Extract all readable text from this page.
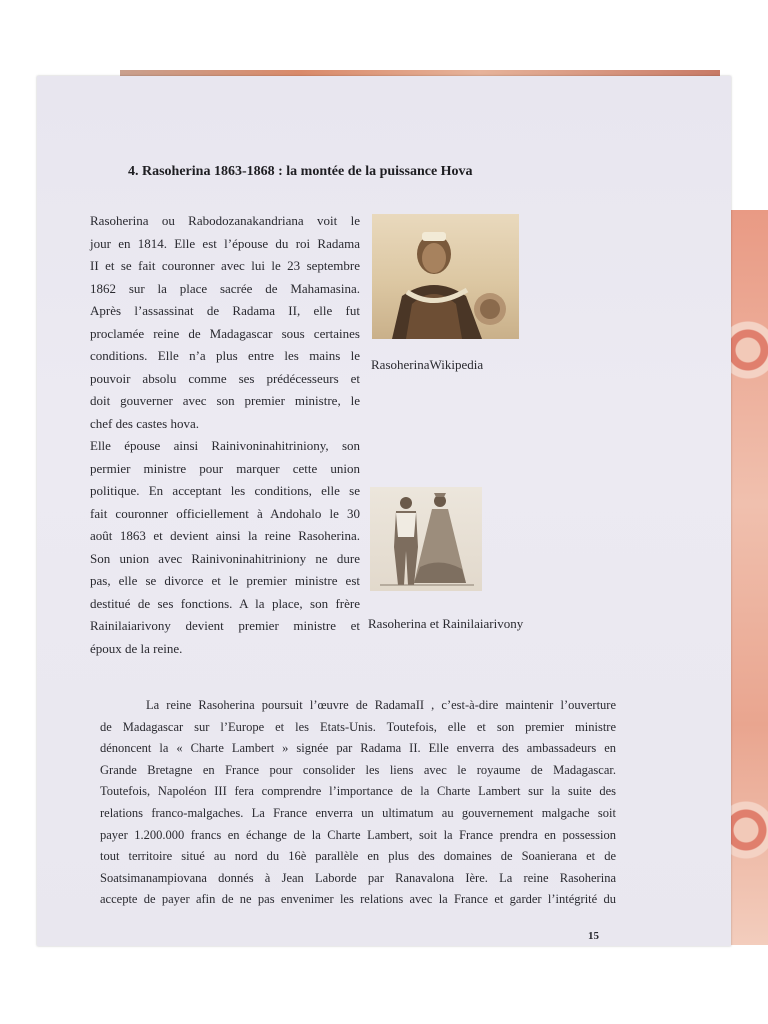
4. Rasoherina 1863-1868 : la montée de la puissance Hova
Rasoherina ou Rabodozanakandriana voit le
jour en 1814. Elle est l’épouse du roi Radama
II et se fait couronner avec lui le 23 septembre
1862 sur la place sacrée de Mahamasina.
Après l’assassinat de Radama II, elle fut
proclamée reine de Madagascar sous certaines
conditions. Elle n’a plus entre les mains le
pouvoir absolu comme ses prédécesseurs et
doit gouverner avec son premier ministre, le
chef des castes hova.
Elle épouse ainsi Rainivoninahitriniony, son
permier ministre pour marquer cette union
politique. En acceptant les conditions, elle se
fait couronner officiellement à Andohalo le 30
août 1863 et devient ainsi la reine Rasoherina.
Son union avec Rainivoninahitriniony ne dure
pas, elle se divorce et le premier ministre est
destitué de ses fonctions. A la place, son frère
Rainilaiarivony devient premier ministre et
époux de la reine.
RasoherinaWikipedia
Rasoherina et Rainilaiarivony
La reine Rasoherina poursuit l’œuvre de RadamaII , c’est-à-dire maintenir l’ouverture
de Madagascar sur l’Europe et les Etats-Unis. Toutefois, elle et son premier ministre
dénoncent la « Charte Lambert » signée par Radama II. Elle enverra des ambassadeurs en
Grande Bretagne en France pour consolider les liens avec le royaume de Madagascar.
Toutefois, Napoléon III fera comprendre l’importance de la Charte Lambert sur la suite des
relations franco-malgaches. La France enverra un ultimatum au gouvernement malgache soit
payer 1.200.000 francs en échange de la Charte Lambert, soit la France prendra en possession
tout territoire situé au nord du 16è parallèle en plus des domaines de Soanierana et de
Soatsimanampiovana donnés à Jean Laborde par Ranavalona Ière. La reine Rasoherina
accepte de payer afin de ne pas envenimer les relations avec la France et garder l’intégrité du
15
